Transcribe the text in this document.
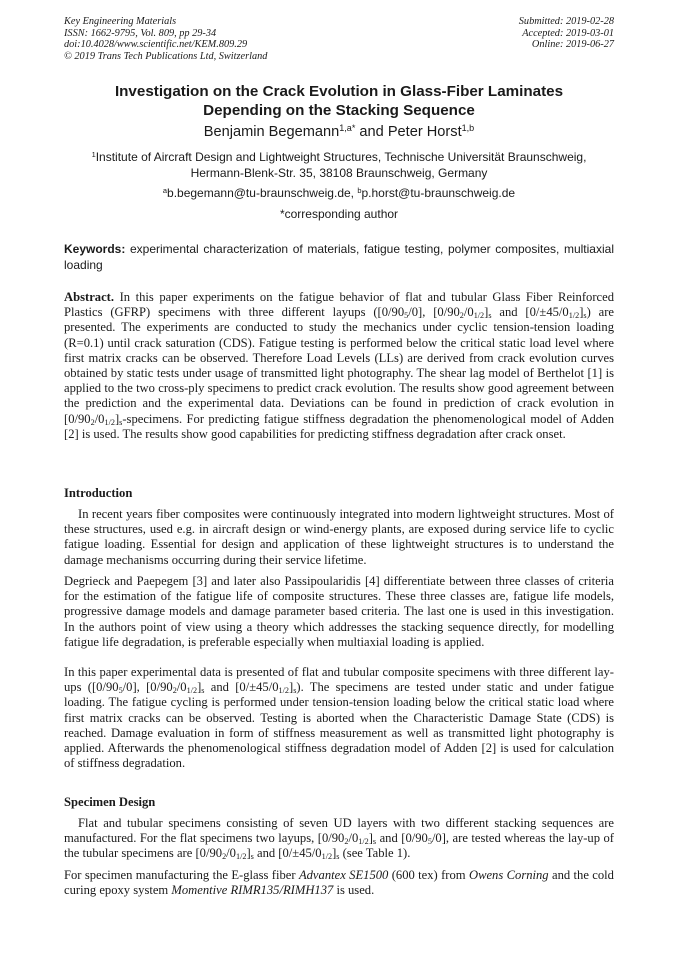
Key Engineering Materials
ISSN: 1662-9795, Vol. 809, pp 29-34
doi:10.4028/www.scientific.net/KEM.809.29
© 2019 Trans Tech Publications Ltd, Switzerland
Submitted: 2019-02-28
Accepted: 2019-03-01
Online: 2019-06-27
Investigation on the Crack Evolution in Glass-Fiber Laminates
Depending on the Stacking Sequence
Benjamin Begemann$^{1,a*}$ and Peter Horst$^{1,b}$
$^1$Institute of Aircraft Design and Lightweight Structures, Technische Universität Braunschweig,
Hermann-Blenk-Str. 35, 38108 Braunschweig, Germany
$^a$b.begemann@tu-braunschweig.de, $^b$p.horst@tu-braunschweig.de
*corresponding author
Keywords: experimental characterization of materials, fatigue testing, polymer composites, multiaxial loading
Abstract. In this paper experiments on the fatigue behavior of flat and tubular Glass Fiber Reinforced Plastics (GFRP) specimens with three different layups ($[0/90_5/0]$, $[0/90_2/0_{1/2}]_s$ and $[0/\pm 45/0_{1/2}]_s$) are presented. The experiments are conducted to study the mechanics under cyclic tension-tension loading (R=0.1) until crack saturation (CDS). Fatigue testing is performed below the critical static load level where first matrix cracks can be observed. Therefore Load Levels (LLs) are derived from crack evolution curves obtained by static tests under usage of transmitted light photography. The shear lag model of Berthelot [1] is applied to the two cross-ply specimens to predict crack evolution. The results show good agreement between the prediction and the experimental data. Deviations can be found in prediction of crack evolution in $[0/90_2/0_{1/2}]_s$-specimens. For predicting fatigue stiffness degradation the phenomenological model of Adden [2] is used. The results show good capabilities for predicting stiffness degradation after crack onset.
Introduction
In recent years fiber composites were continuously integrated into modern lightweight structures. Most of these structures, used e.g. in aircraft design or wind-energy plants, are exposed during service life to cyclic fatigue loading. Essential for design and application of these lightweight structures is to understand the damage mechanisms occurring during their service lifetime.
Degrieck and Paepegem [3] and later also Passipoularidis [4] differentiate between three classes of criteria for the estimation of the fatigue life of composite structures. These three classes are, fatigue life models, progressive damage models and damage parameter based criteria. The last one is used in this investigation. In the authors point of view using a theory which addresses the stacking sequence directly, for modelling fatigue life degradation, is preferable especially when multiaxial loading is applied.
In this paper experimental data is presented of flat and tubular composite specimens with three different lay-ups ($[0/90_5/0]$, $[0/90_2/0_{1/2}]_s$ and $[0/\pm 45/0_{1/2}]_s$). The specimens are tested under static and under fatigue loading. The fatigue cycling is performed under tension-tension loading below the critical static load where first matrix cracks can be observed. Testing is aborted when the Characteristic Damage State (CDS) is reached. Damage evaluation in form of stiffness measurement as well as transmitted light photography is applied. Afterwards the phenomenological stiffness degradation model of Adden [2] is used for calculation of stiffness degradation.
Specimen Design
Flat and tubular specimens consisting of seven UD layers with two different stacking sequences are manufactured. For the flat specimens two layups, $[0/90_2/0_{1/2}]_s$ and $[0/90_5/0]$, are tested whereas the lay-up of the tubular specimens are $[0/90_2/0_{1/2}]_s$ and $[0/\pm 45/0_{1/2}]_s$ (see Table 1).
For specimen manufacturing the E-glass fiber Advantex SE1500 (600 tex) from Owens Corning and the cold curing epoxy system Momentive RIMR135/RIMH137 is used.
